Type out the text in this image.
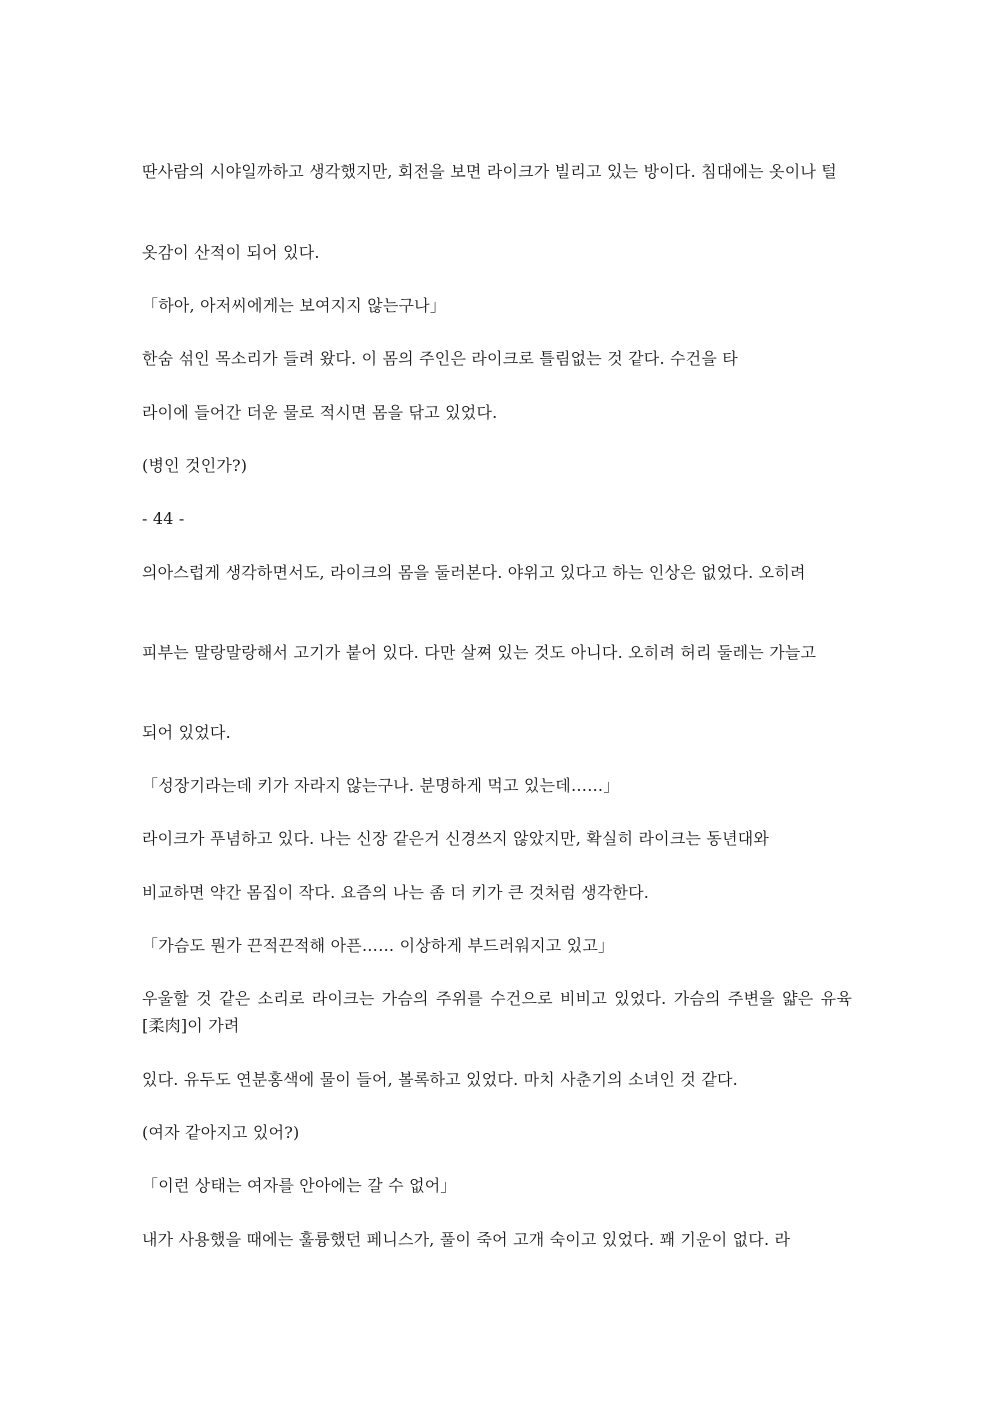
딴사람의 시야일까하고 생각했지만, 회전을 보면 라이크가 빌리고 있는 방이다. 침대에는 옷이나 털

옷감이 산적이 되어 있다.

「하아, 아저씨에게는 보여지지 않는구나」

한숨 섞인 목소리가 들려 왔다. 이 몸의 주인은 라이크로 틀림없는 것 같다. 수건을 타

라이에 들어간 더운 물로 적시면 몸을 닦고 있었다.

(병인 것인가?)

- 44 -

의아스럽게 생각하면서도, 라이크의 몸을 둘러본다. 야위고 있다고 하는 인상은 없었다. 오히려

피부는 말랑말랑해서 고기가 붙어 있다. 다만 살쪄 있는 것도 아니다. 오히려 허리 둘레는 가늘고

되어 있었다.

「성장기라는데 키가 자라지 않는구나. 분명하게 먹고 있는데……」

라이크가 푸념하고 있다. 나는 신장 같은거 신경쓰지 않았지만, 확실히 라이크는 동년대와

비교하면 약간 몸집이 작다. 요즘의 나는 좀 더 키가 큰 것처럼 생각한다.

「가슴도 뭔가 끈적끈적해 아픈…… 이상하게 부드러워지고 있고」

우울할 것 같은 소리로 라이크는 가슴의 주위를 수건으로 비비고 있었다. 가슴의 주변을 얇은 유육[柔肉]이 가려

있다. 유두도 연분홍색에 물이 들어, 볼록하고 있었다. 마치 사춘기의 소녀인 것 같다.

(여자 같아지고 있어?)

「이런 상태는 여자를 안아에는 갈 수 없어」

내가 사용했을 때에는 훌륭했던 페니스가, 풀이 죽어 고개 숙이고 있었다. 꽤 기운이 없다. 라
